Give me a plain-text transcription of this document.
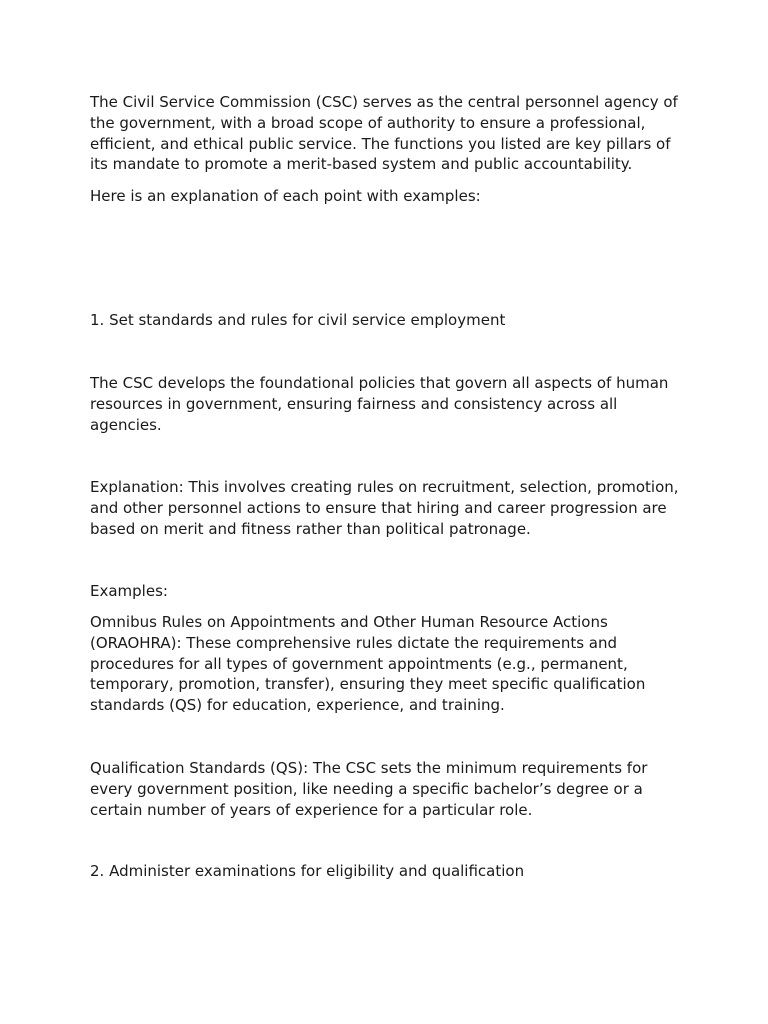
The Civil Service Commission (CSC) serves as the central personnel agency of the government, with a broad scope of authority to ensure a professional, efficient, and ethical public service. The functions you listed are key pillars of its mandate to promote a merit-based system and public accountability.

Here is an explanation of each point with examples:

1. Set standards and rules for civil service employment

The CSC develops the foundational policies that govern all aspects of human resources in government, ensuring fairness and consistency across all agencies.

Explanation: This involves creating rules on recruitment, selection, promotion, and other personnel actions to ensure that hiring and career progression are based on merit and fitness rather than political patronage.

Examples:

Omnibus Rules on Appointments and Other Human Resource Actions (ORAOHRA): These comprehensive rules dictate the requirements and procedures for all types of government appointments (e.g., permanent, temporary, promotion, transfer), ensuring they meet specific qualification standards (QS) for education, experience, and training.

Qualification Standards (QS): The CSC sets the minimum requirements for every government position, like needing a specific bachelor’s degree or a certain number of years of experience for a particular role.

2. Administer examinations for eligibility and qualification
